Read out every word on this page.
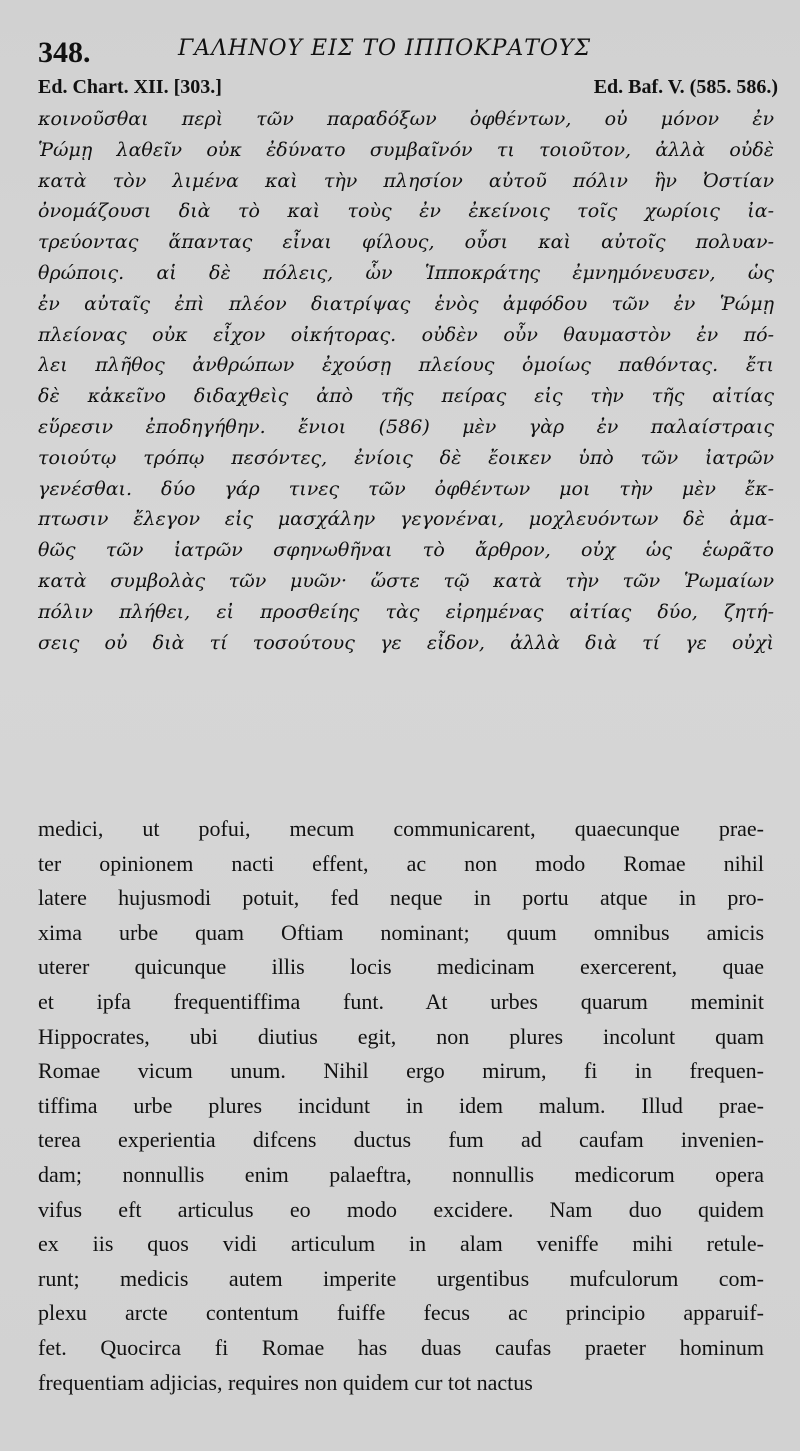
348.	ΓΑΛΗΝΟΥ ΕΙΣ ΤΟ ΙΠΠΟΚΡΑΤΟΥΣ
Ed. Chart. XII. [303.]	Ed. Baf. V. (585. 586.)
κοινοῦσθαι περὶ τῶν παραδόξων ὀφθέντων, οὐ μόνον ἐν
Ῥώμῃ λαθεῖν οὐκ ἐδύνατο συμβαῖνόν τι τοιοῦτον, ἀλλὰ οὐδὲ
κατὰ τὸν λιμένα καὶ τὴν πλησίον αὐτοῦ πόλιν ἣν Ὀστίαν
ὀνομάζουσι διὰ τὸ καὶ τοὺς ἐν ἐκείνοις τοῖς χωρίοις ἰα-
τρεύοντας ἅπαντας εἶναι φίλους, οὖσι καὶ αὐτοῖς πολυαν-
θρώποις. αἱ δὲ πόλεις, ὧν Ἱπποκράτης ἐμνημόνευσεν, ὡς
ἐν αὐταῖς ἐπὶ πλέον διατρίψας ἑνὸς ἀμφόδου τῶν ἐν Ῥώμῃ
πλείονας οὐκ εἶχον οἰκήτορας. οὐδὲν οὖν θαυμαστὸν ἐν πό-
λει πλῆθος ἀνθρώπων ἐχούσῃ πλείους ὁμοίως παθόντας. ἔτι
δὲ κἀκεῖνο διδαχθεὶς ἀπὸ τῆς πείρας εἰς τὴν τῆς αἰτίας
εὕρεσιν ἐποδηγήθην. ἔνιοι (586) μὲν γὰρ ἐν παλαίστραις
τοιούτῳ τρόπῳ πεσόντες, ἐνίοις δὲ ἔοικεν ὑπὸ τῶν ἰατρῶν
γενέσθαι. δύο γάρ τινες τῶν ὀφθέντων μοι τὴν μὲν ἔκ-
πτωσιν ἔλεγον εἰς μασχάλην γεγονέναι, μοχλευόντων δὲ ἀμα-
θῶς τῶν ἰατρῶν σφηνωθῆναι τὸ ἄρθρον, οὐχ ὡς ἑωρᾶτο
κατὰ συμβολὰς τῶν μυῶν· ὥστε τῷ κατὰ τὴν τῶν Ῥωμαίων
πόλιν πλήθει, εἰ προσθείης τὰς εἰρημένας αἰτίας δύο, ζητή-
σεις οὐ διὰ τί τοσούτους γε εἶδον, ἀλλὰ διὰ τί γε οὐχὶ
medici, ut pofui, mecum communicarent, quaecunque prae-
ter opinionem nacti effent, ac non modo Romae nihil
latere hujusmodi potuit, fed neque in portu atque in pro-
xima urbe quam Oftiam nominant; quum omnibus amicis
uterer quicunque illis locis medicinam exercerent, quae
et ipfa frequentiffima funt. At urbes quarum meminit
Hippocrates, ubi diutius egit, non plures incolunt quam
Romae vicum unum. Nihil ergo mirum, fi in frequen-
tiffima urbe plures incidunt in idem malum. Illud prae-
terea experientia difcens ductus fum ad caufam invenien-
dam; nonnullis enim palaeftra, nonnullis medicorum opera
vifus eft articulus eo modo excidere. Nam duo quidem
ex iis quos vidi articulum in alam veniffe mihi retule-
runt; medicis autem imperite urgentibus mufculorum com-
plexu arcte contentum fuiffe fecus ac principio apparuif-
fet. Quocirca fi Romae has duas caufas praeter hominum
frequentiam adjicias, requires non quidem cur tot nactus
